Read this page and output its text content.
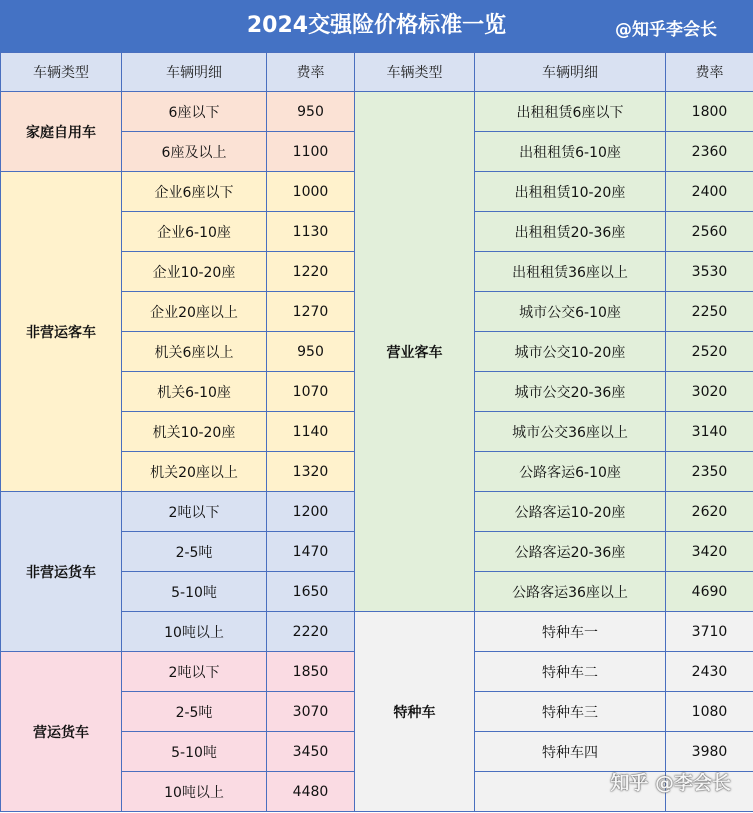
2024交强险价格标准一览	@知乎李会长
车辆类型	车辆明细	费率	车辆类型	车辆明细	费率
家庭自用车	6座以下	950	营业客车	出租租赁6座以下	1800
	6座及以上	1100		出租租赁6-10座	2360
非营运客车	企业6座以下	1000		出租租赁10-20座	2400
	企业6-10座	1130		出租租赁20-36座	2560
	企业10-20座	1220		出租租赁36座以上	3530
	企业20座以上	1270		城市公交6-10座	2250
	机关6座以上	950		城市公交10-20座	2520
	机关6-10座	1070		城市公交20-36座	3020
	机关10-20座	1140		城市公交36座以上	3140
	机关20座以上	1320		公路客运6-10座	2350
非营运货车	2吨以下	1200		公路客运10-20座	2620
	2-5吨	1470		公路客运20-36座	3420
	5-10吨	1650		公路客运36座以上	4690
	10吨以上	2220	特种车	特种车一	3710
营运货车	2吨以下	1850		特种车二	2430
	2-5吨	3070		特种车三	1080
	5-10吨	3450		特种车四	3980
	10吨以上	4480				知乎 @李会长
